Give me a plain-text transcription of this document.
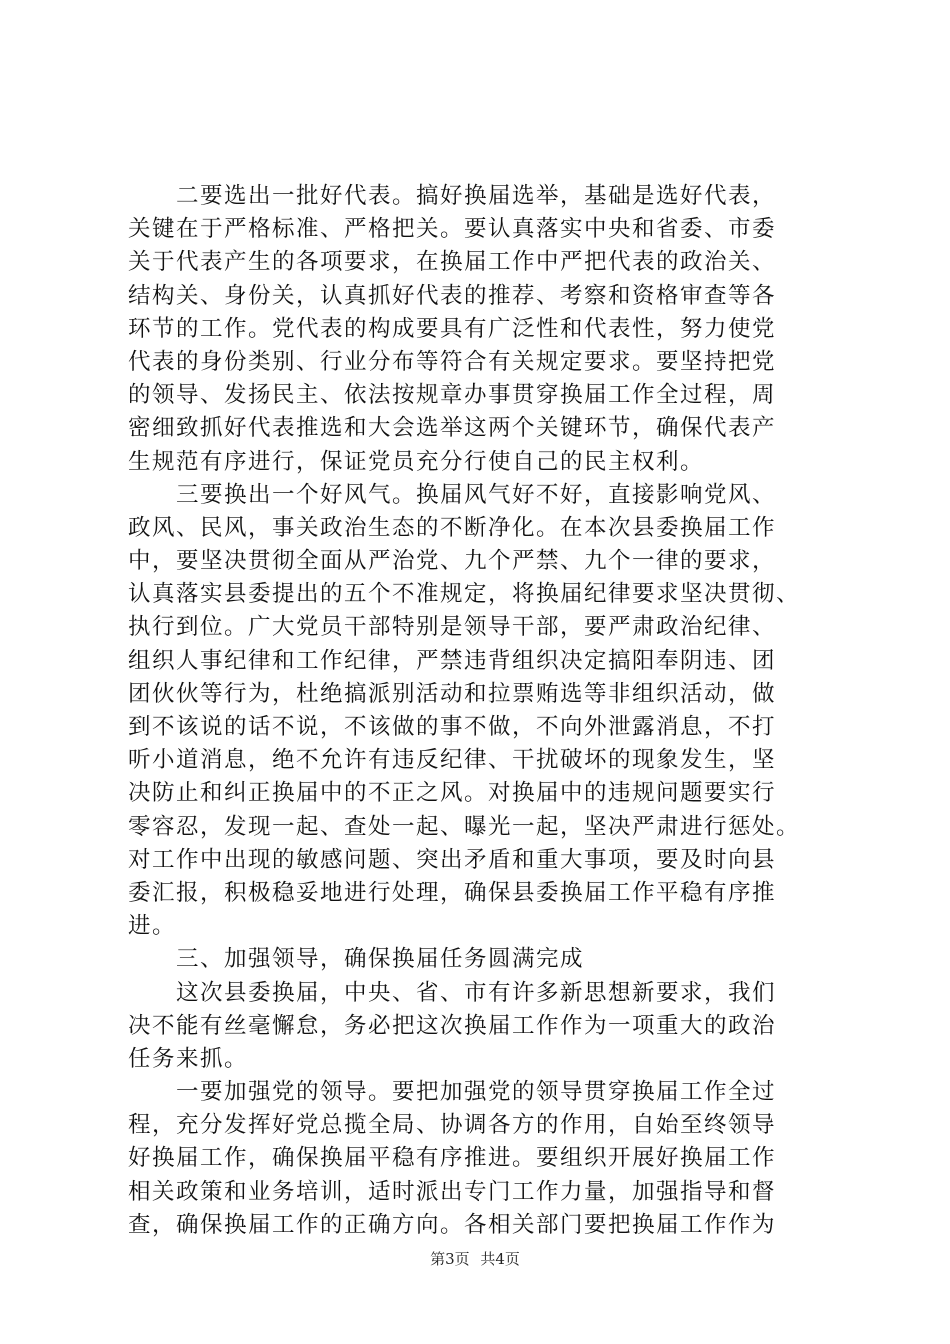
二要选出一批好代表。搞好换届选举，基础是选好代表，
关键在于严格标准、严格把关。要认真落实中央和省委、市委
关于代表产生的各项要求，在换届工作中严把代表的政治关、
结构关、身份关，认真抓好代表的推荐、考察和资格审查等各
环节的工作。党代表的构成要具有广泛性和代表性，努力使党
代表的身份类别、行业分布等符合有关规定要求。要坚持把党
的领导、发扬民主、依法按规章办事贯穿换届工作全过程，周
密细致抓好代表推选和大会选举这两个关键环节，确保代表产
生规范有序进行，保证党员充分行使自己的民主权利。
三要换出一个好风气。换届风气好不好，直接影响党风、
政风、民风，事关政治生态的不断净化。在本次县委换届工作
中，要坚决贯彻全面从严治党、九个严禁、九个一律的要求，
认真落实县委提出的五个不准规定，将换届纪律要求坚决贯彻、
执行到位。广大党员干部特别是领导干部，要严肃政治纪律、
组织人事纪律和工作纪律，严禁违背组织决定搞阳奉阴违、团
团伙伙等行为，杜绝搞派别活动和拉票贿选等非组织活动，做
到不该说的话不说，不该做的事不做，不向外泄露消息，不打
听小道消息，绝不允许有违反纪律、干扰破坏的现象发生，坚
决防止和纠正换届中的不正之风。对换届中的违规问题要实行
零容忍，发现一起、查处一起、曝光一起，坚决严肃进行惩处。
对工作中出现的敏感问题、突出矛盾和重大事项，要及时向县
委汇报，积极稳妥地进行处理，确保县委换届工作平稳有序推
进。
三、加强领导，确保换届任务圆满完成
这次县委换届，中央、省、市有许多新思想新要求，我们
决不能有丝毫懈怠，务必把这次换届工作作为一项重大的政治
任务来抓。
一要加强党的领导。要把加强党的领导贯穿换届工作全过
程，充分发挥好党总揽全局、协调各方的作用，自始至终领导
好换届工作，确保换届平稳有序推进。要组织开展好换届工作
相关政策和业务培训，适时派出专门工作力量，加强指导和督
查，确保换届工作的正确方向。各相关部门要把换届工作作为
第3页 共4页
